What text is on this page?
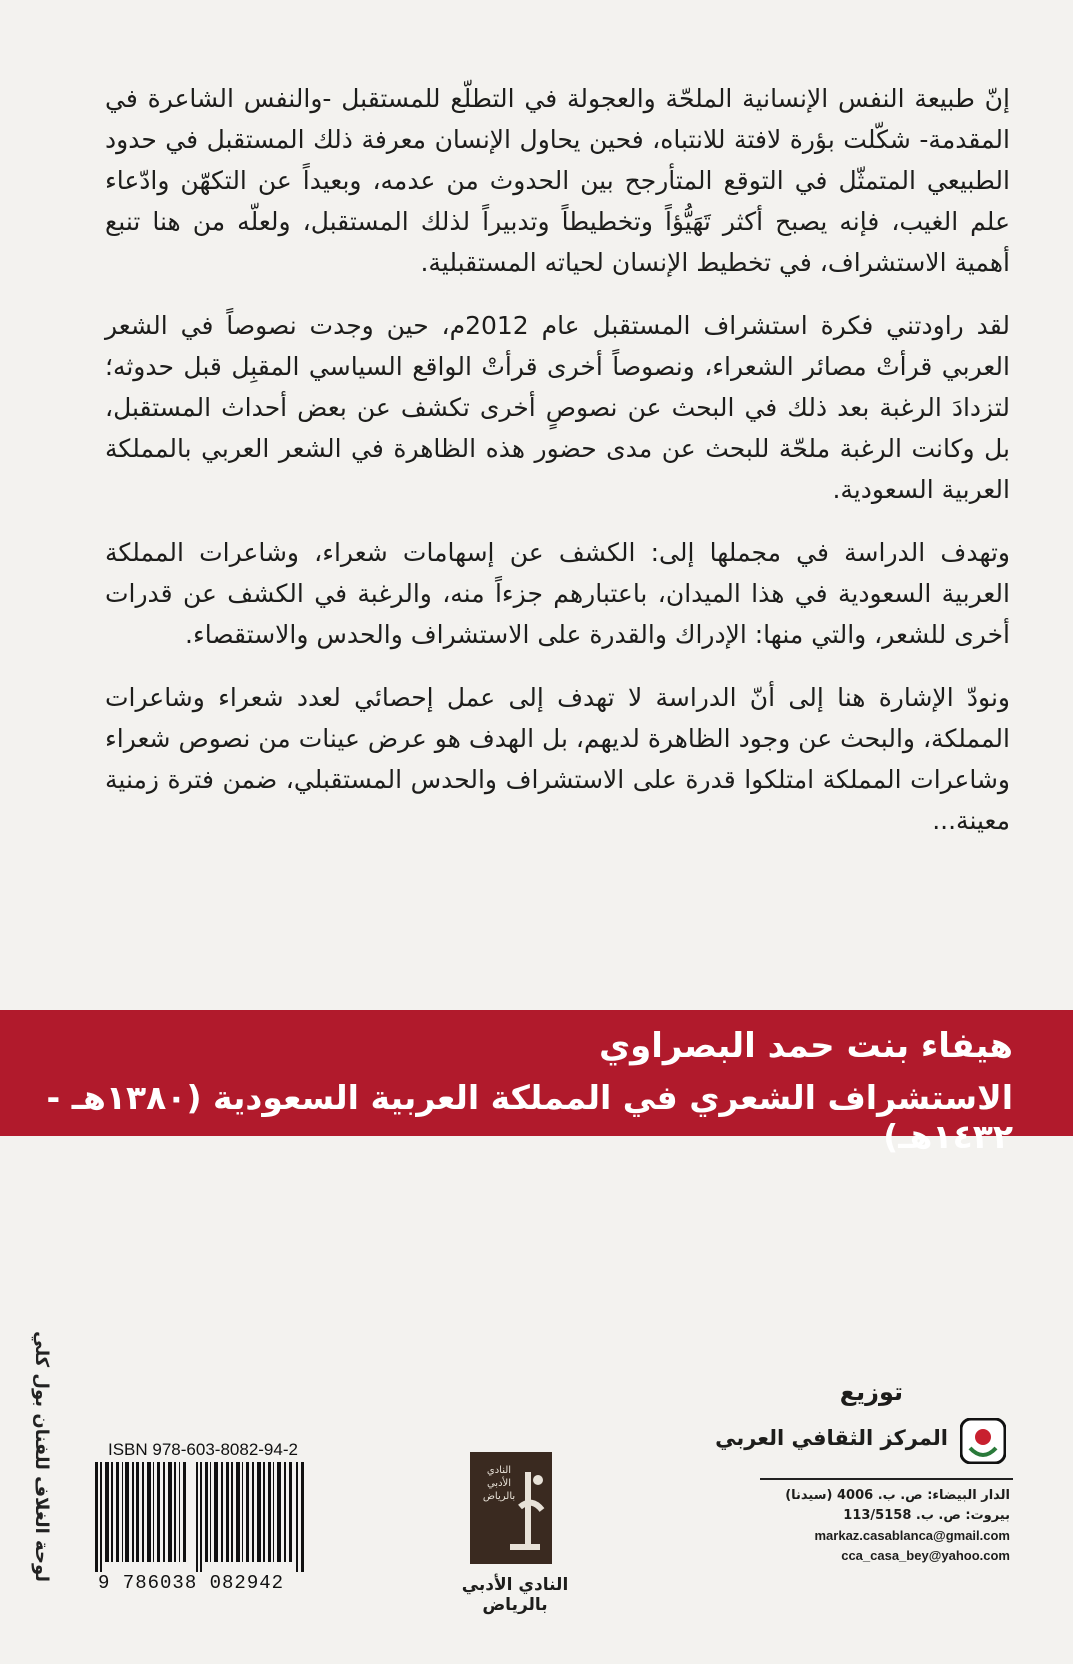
إنّ طبيعة النفس الإنسانية الملحّة والعجولة في التطلّع للمستقبل -والنفس الشاعرة في المقدمة- شكّلت بؤرة لافتة للانتباه، فحين يحاول الإنسان معرفة ذلك المستقبل في حدود الطبيعي المتمثّل في التوقع المتأرجح بين الحدوث من عدمه، وبعيداً عن التكهّن وادّعاء علم الغيب، فإنه يصبح أكثر تَهَيُّؤاً وتخطيطاً وتدبيراً لذلك المستقبل، ولعلّه من هنا تنبع أهمية الاستشراف، في تخطيط الإنسان لحياته المستقبلية.

لقد راودتني فكرة استشراف المستقبل عام 2012م، حين وجدت نصوصاً في الشعر العربي قرأتْ مصائر الشعراء، ونصوصاً أخرى قرأتْ الواقع السياسي المقبِل قبل حدوثه؛ لتزدادَ الرغبة بعد ذلك في البحث عن نصوصٍ أخرى تكشف عن بعض أحداث المستقبل، بل وكانت الرغبة ملحّة للبحث عن مدى حضور هذه الظاهرة في الشعر العربي بالمملكة العربية السعودية.

وتهدف الدراسة في مجملها إلى: الكشف عن إسهامات شعراء، وشاعرات المملكة العربية السعودية في هذا الميدان، باعتبارهم جزءاً منه، والرغبة في الكشف عن قدرات أخرى للشعر، والتي منها: الإدراك والقدرة على الاستشراف والحدس والاستقصاء.

ونودّ الإشارة هنا إلى أنّ الدراسة لا تهدف إلى عمل إحصائي لعدد شعراء وشاعرات المملكة، والبحث عن وجود الظاهرة لديهم، بل الهدف هو عرض عينات من نصوص شعراء وشاعرات المملكة امتلكوا قدرة على الاستشراف والحدس المستقبلي، ضمن فترة زمنية معينة...

هيفاء بنت حمد البصراوي
الاستشراف الشعري في المملكة العربية السعودية (١٣٨٠هـ - ١٤٣٢هـ)
لوحة الغلاف للفنان بول كلي	ISBN 978-603-8082-94-2
9 786038 082942
النادي الأدبي بالرياض
النادي الأدبي بالرياض
توزيع
المركز الثقافي العربي
الدار البيضاء: ص. ب. 4006 (سيدنا)
بيروت: ص. ب. 113/5158
markaz.casablanca@gmail.com
cca_casa_bey@yahoo.com
